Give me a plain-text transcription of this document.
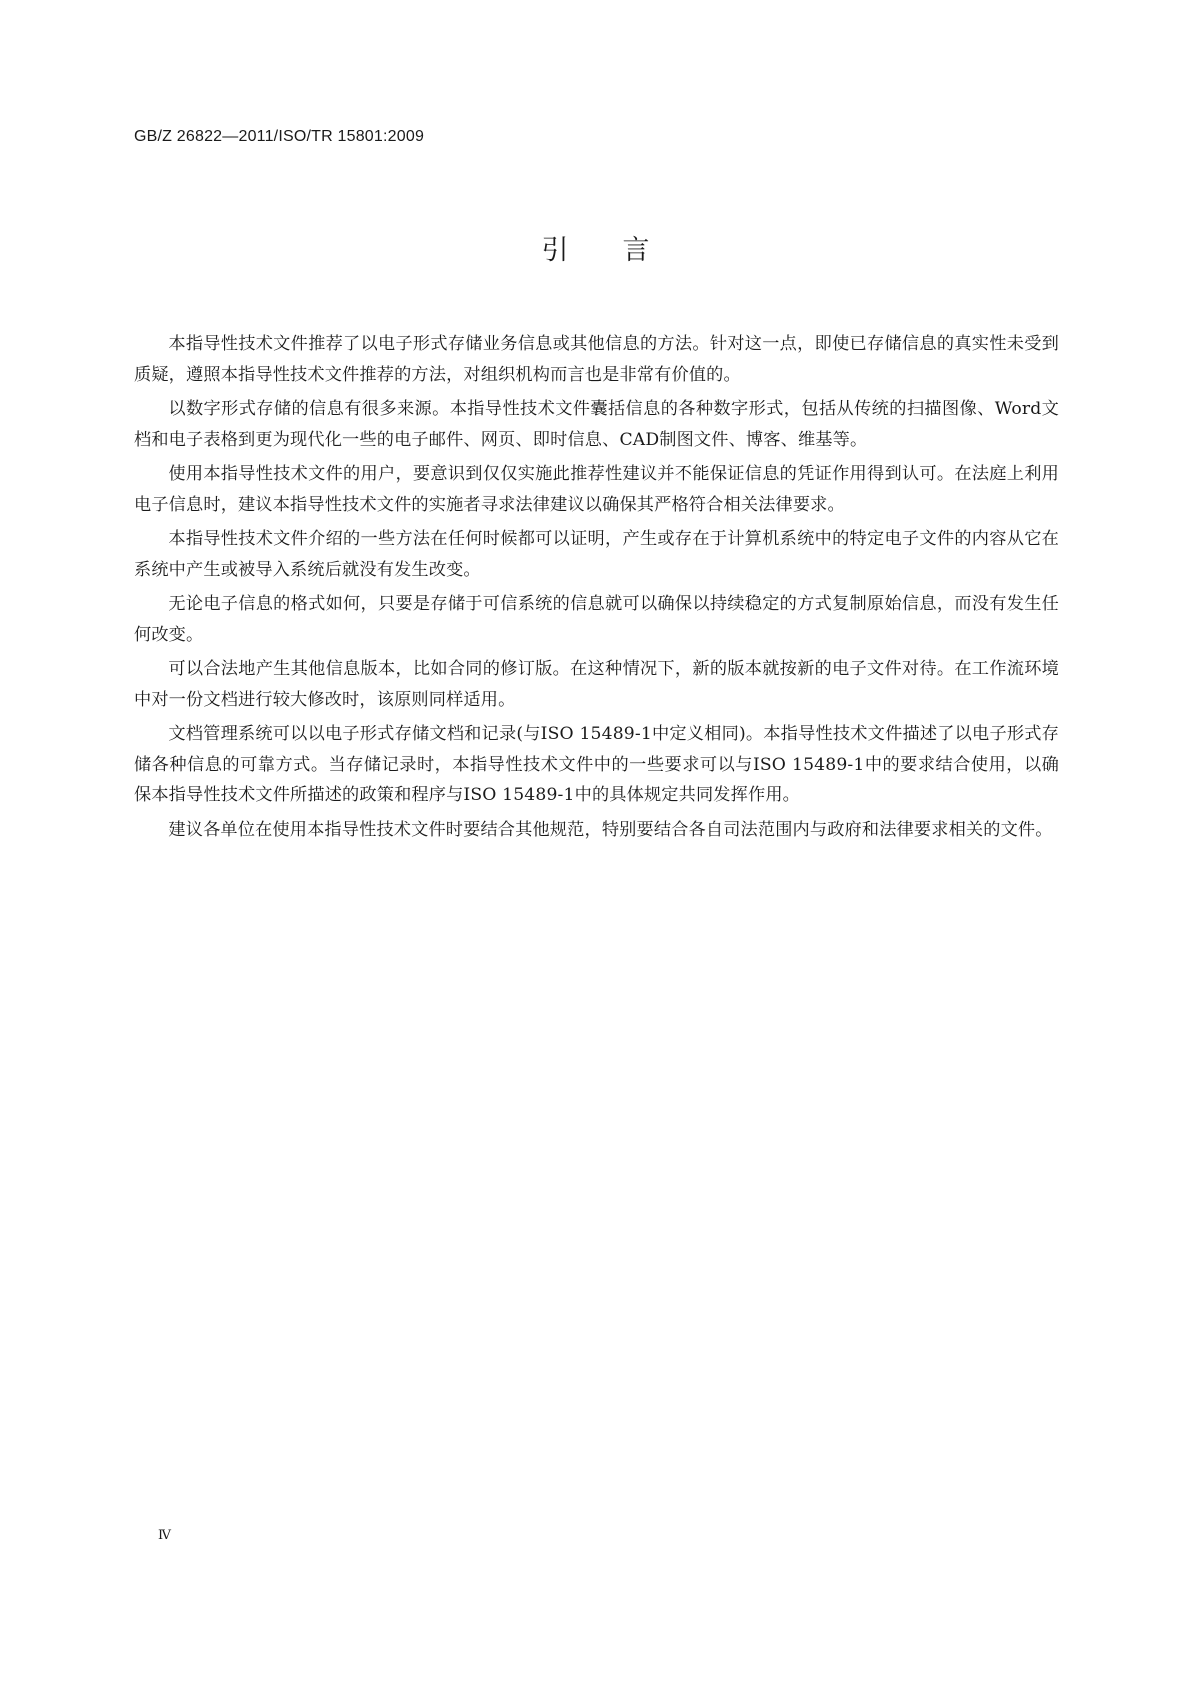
GB/Z 26822—2011/ISO/TR 15801:2009
引言

本指导性技术文件推荐了以电子形式存储业务信息或其他信息的方法。针对这一点，即使已存储信息的真实性未受到质疑，遵照本指导性技术文件推荐的方法，对组织机构而言也是非常有价值的。

以数字形式存储的信息有很多来源。本指导性技术文件囊括信息的各种数字形式，包括从传统的扫描图像、Word文档和电子表格到更为现代化一些的电子邮件、网页、即时信息、CAD制图文件、博客、维基等。

使用本指导性技术文件的用户，要意识到仅仅实施此推荐性建议并不能保证信息的凭证作用得到认可。在法庭上利用电子信息时，建议本指导性技术文件的实施者寻求法律建议以确保其严格符合相关法律要求。

本指导性技术文件介绍的一些方法在任何时候都可以证明，产生或存在于计算机系统中的特定电子文件的内容从它在系统中产生或被导入系统后就没有发生改变。

无论电子信息的格式如何，只要是存储于可信系统的信息就可以确保以持续稳定的方式复制原始信息，而没有发生任何改变。

可以合法地产生其他信息版本，比如合同的修订版。在这种情况下，新的版本就按新的电子文件对待。在工作流环境中对一份文档进行较大修改时，该原则同样适用。

文档管理系统可以以电子形式存储文档和记录(与ISO 15489-1中定义相同)。本指导性技术文件描述了以电子形式存储各种信息的可靠方式。当存储记录时，本指导性技术文件中的一些要求可以与ISO 15489-1中的要求结合使用，以确保本指导性技术文件所描述的政策和程序与ISO 15489-1中的具体规定共同发挥作用。

建议各单位在使用本指导性技术文件时要结合其他规范，特别要结合各自司法范围内与政府和法律要求相关的文件。

Ⅳ
